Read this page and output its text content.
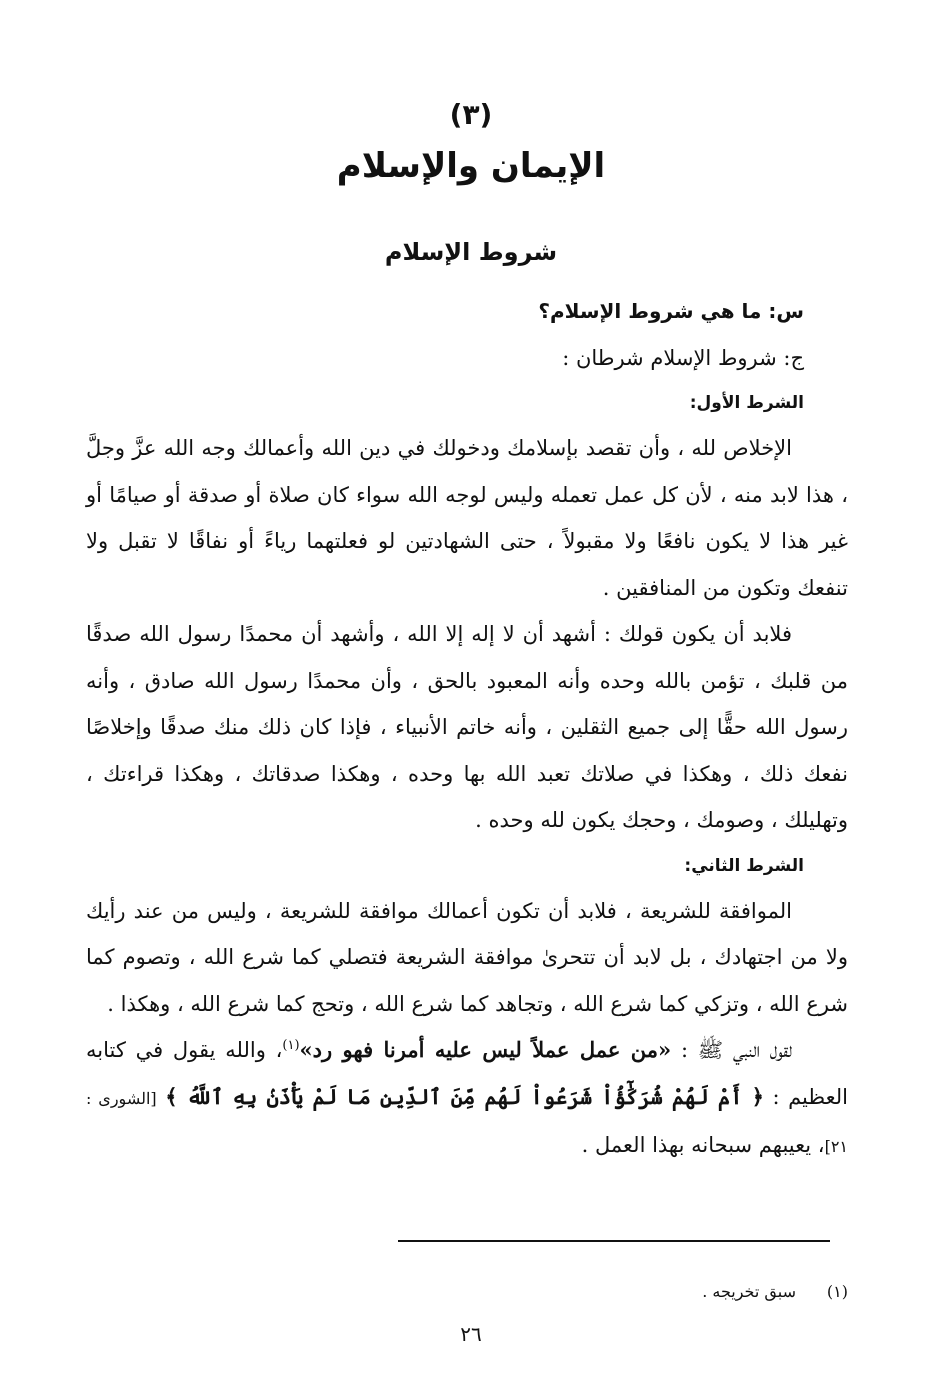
(٣)
الإيمان والإسلام
شروط الإسلام

س: ما هي شروط الإسلام؟

ج: شروط الإسلام شرطان :

الشرط الأول:

الإخلاص لله ، وأن تقصد بإسلامك ودخولك في دين الله وأعمالك وجه الله عزَّ وجلَّ ، هذا لابد منه ، لأن كل عمل تعمله وليس لوجه الله سواء كان صلاة أو صدقة أو صيامًا أو غير هذا لا يكون نافعًا ولا مقبولاً ، حتى الشهادتين لو فعلتهما رياءً أو نفاقًا لا تقبل ولا تنفعك وتكون من المنافقين .

فلابد أن يكون قولك : أشهد أن لا إله إلا الله ، وأشهد أن محمدًا رسول الله صدقًا من قلبك ، تؤمن بالله وحده وأنه المعبود بالحق ، وأن محمدًا رسول الله صادق ، وأنه رسول الله حقًّا إلى جميع الثقلين ، وأنه خاتم الأنبياء ، فإذا كان ذلك منك صدقًا وإخلاصًا نفعك ذلك ، وهكذا في صلاتك تعبد الله بها وحده ، وهكذا صدقاتك ، وهكذا قراءتك ، وتهليلك ، وصومك ، وحجك يكون لله وحده .

الشرط الثاني:

الموافقة للشريعة ، فلابد أن تكون أعمالك موافقة للشريعة ، وليس من عند رأيك ولا من اجتهادك ، بل لابد أن تتحرىٰ موافقة الشريعة فتصلي كما شرع الله ، وتصوم كما شرع الله ، وتزكي كما شرع الله ، وتجاهد كما شرع الله ، وتحج كما شرع الله ، وهكذا .

لقول النبي ﷺ : «من عمل عملاً ليس عليه أمرنا فهو رد»$^{(١)}$، والله يقول في كتابه العظيم : ﴿ أَمْ لَهُمْ شُرَكَٰٓؤُاْ شَرَعُواْ لَهُم مِّنَ ٱلدِّينِ مَا لَمْ يَأْذَنۢ بِهِ ٱللَّهُ ﴾ [الشورى : ٢١]، يعيبهم سبحانه بهذا العمل .

(١)سبق تخريجه .
٢٦
